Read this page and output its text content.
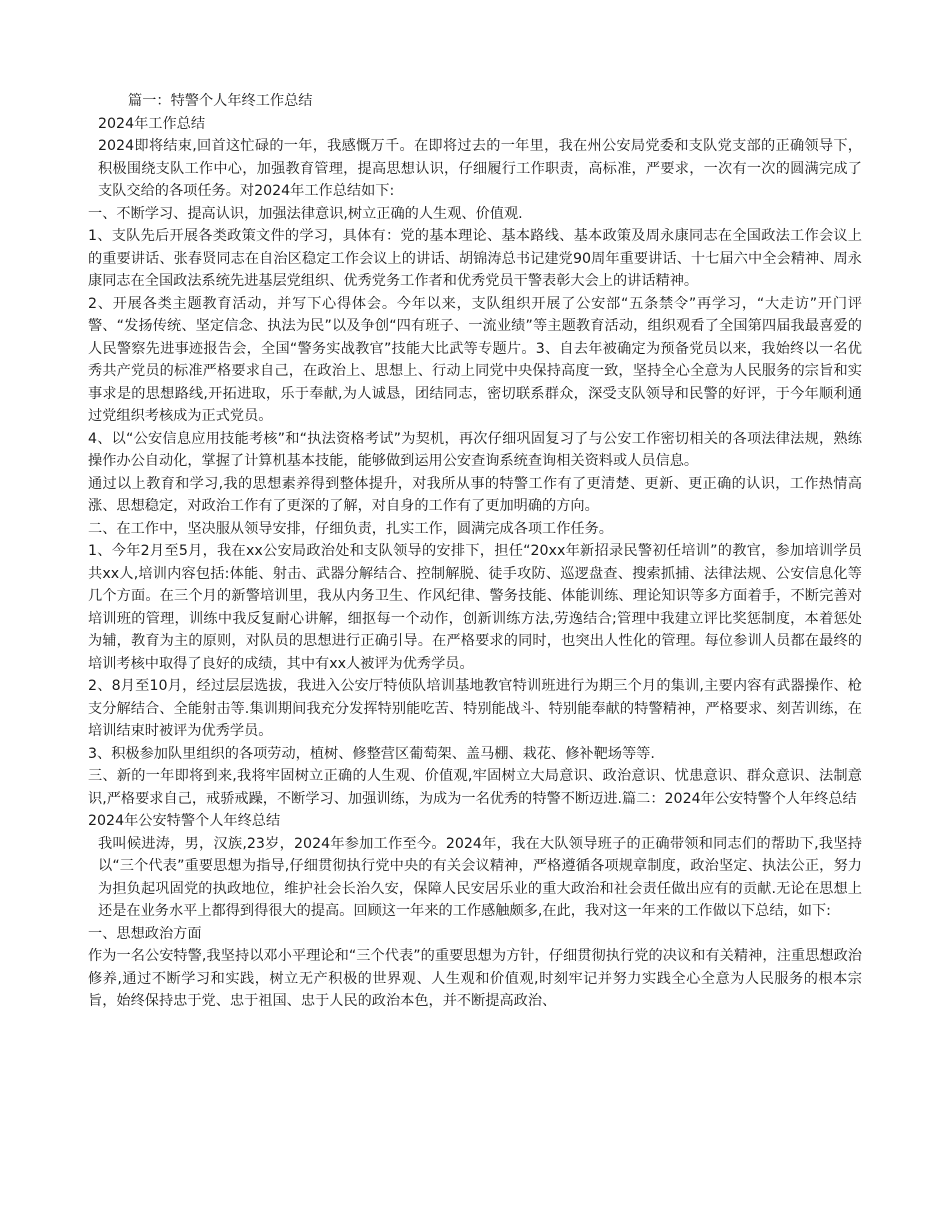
篇一：特警个人年终工作总结

2024年工作总结

2024即将结束,回首这忙碌的一年，我感慨万千。在即将过去的一年里，我在州公安局党委和支队党支部的正确领导下，积极围绕支队工作中心，加强教育管理，提高思想认识，仔细履行工作职责，高标准，严要求，一次有一次的圆满完成了支队交给的各项任务。对2024年工作总结如下:

一、不断学习、提高认识，加强法律意识,树立正确的人生观、价值观.

1、支队先后开展各类政策文件的学习，具体有：党的基本理论、基本路线、基本政策及周永康同志在全国政法工作会议上的重要讲话、张春贤同志在自治区稳定工作会议上的讲话、胡锦涛总书记建党90周年重要讲话、十七届六中全会精神、周永康同志在全国政法系统先进基层党组织、优秀党务工作者和优秀党员干警表彰大会上的讲话精神。

2、开展各类主题教育活动，并写下心得体会。今年以来，支队组织开展了公安部“五条禁令”再学习，“大走访”开门评警、“发扬传统、坚定信念、执法为民”以及争创“四有班子、一流业绩”等主题教育活动，组织观看了全国第四届我最喜爱的人民警察先进事迹报告会，全国“警务实战教官”技能大比武等专题片。3、自去年被确定为预备党员以来，我始终以一名优秀共产党员的标准严格要求自己，在政治上、思想上、行动上同党中央保持高度一致，坚持全心全意为人民服务的宗旨和实事求是的思想路线,开拓进取，乐于奉献,为人诚恳，团结同志，密切联系群众，深受支队领导和民警的好评，于今年顺利通过党组织考核成为正式党员。

4、以“公安信息应用技能考核”和“执法资格考试”为契机，再次仔细巩固复习了与公安工作密切相关的各项法律法规，熟练操作办公自动化，掌握了计算机基本技能，能够做到运用公安查询系统查询相关资料或人员信息。

通过以上教育和学习,我的思想素养得到整体提升，对我所从事的特警工作有了更清楚、更新、更正确的认识，工作热情高涨、思想稳定，对政治工作有了更深的了解，对自身的工作有了更加明确的方向。

二、在工作中，坚决服从领导安排，仔细负责，扎实工作，圆满完成各项工作任务。

1、今年2月至5月，我在xx公安局政治处和支队领导的安排下，担任“20xx年新招录民警初任培训”的教官，参加培训学员共xx人,培训内容包括:体能、射击、武器分解结合、控制解脱、徒手攻防、巡逻盘查、搜索抓捕、法律法规、公安信息化等几个方面。在三个月的新警培训里，我从内务卫生、作风纪律、警务技能、体能训练、理论知识等多方面着手，不断完善对培训班的管理，训练中我反复耐心讲解，细抠每一个动作，创新训练方法,劳逸结合;管理中我建立评比奖惩制度，本着惩处为辅，教育为主的原则，对队员的思想进行正确引导。在严格要求的同时，也突出人性化的管理。每位参训人员都在最终的培训考核中取得了良好的成绩，其中有xx人被评为优秀学员。

2、8月至10月，经过层层选拔，我进入公安厅特侦队培训基地教官特训班进行为期三个月的集训,主要内容有武器操作、枪支分解结合、全能射击等.集训期间我充分发挥特别能吃苦、特别能战斗、特别能奉献的特警精神，严格要求、刻苦训练，在培训结束时被评为优秀学员。

3、积极参加队里组织的各项劳动，植树、修整营区葡萄架、盖马棚、栽花、修补靶场等等.

三、新的一年即将到来,我将牢固树立正确的人生观、价值观,牢固树立大局意识、政治意识、忧患意识、群众意识、法制意识,严格要求自己，戒骄戒躁，不断学习、加强训练，为成为一名优秀的特警不断迈进.篇二：2024年公安特警个人年终总结

2024年公安特警个人年终总结

我叫候进涛，男，汉族,23岁，2024年参加工作至今。2024年，我在大队领导班子的正确带领和同志们的帮助下,我坚持以“三个代表”重要思想为指导,仔细贯彻执行党中央的有关会议精神，严格遵循各项规章制度，政治坚定、执法公正，努力为担负起巩固党的执政地位，维护社会长治久安，保障人民安居乐业的重大政治和社会责任做出应有的贡献.无论在思想上还是在业务水平上都得到得很大的提高。回顾这一年来的工作感触颇多,在此，我对这一年来的工作做以下总结，如下:

一、思想政治方面

作为一名公安特警,我坚持以邓小平理论和“三个代表”的重要思想为方针，仔细贯彻执行党的决议和有关精神，注重思想政治修养,通过不断学习和实践，树立无产积极的世界观、人生观和价值观,时刻牢记并努力实践全心全意为人民服务的根本宗旨，始终保持忠于党、忠于祖国、忠于人民的政治本色，并不断提高政治、
